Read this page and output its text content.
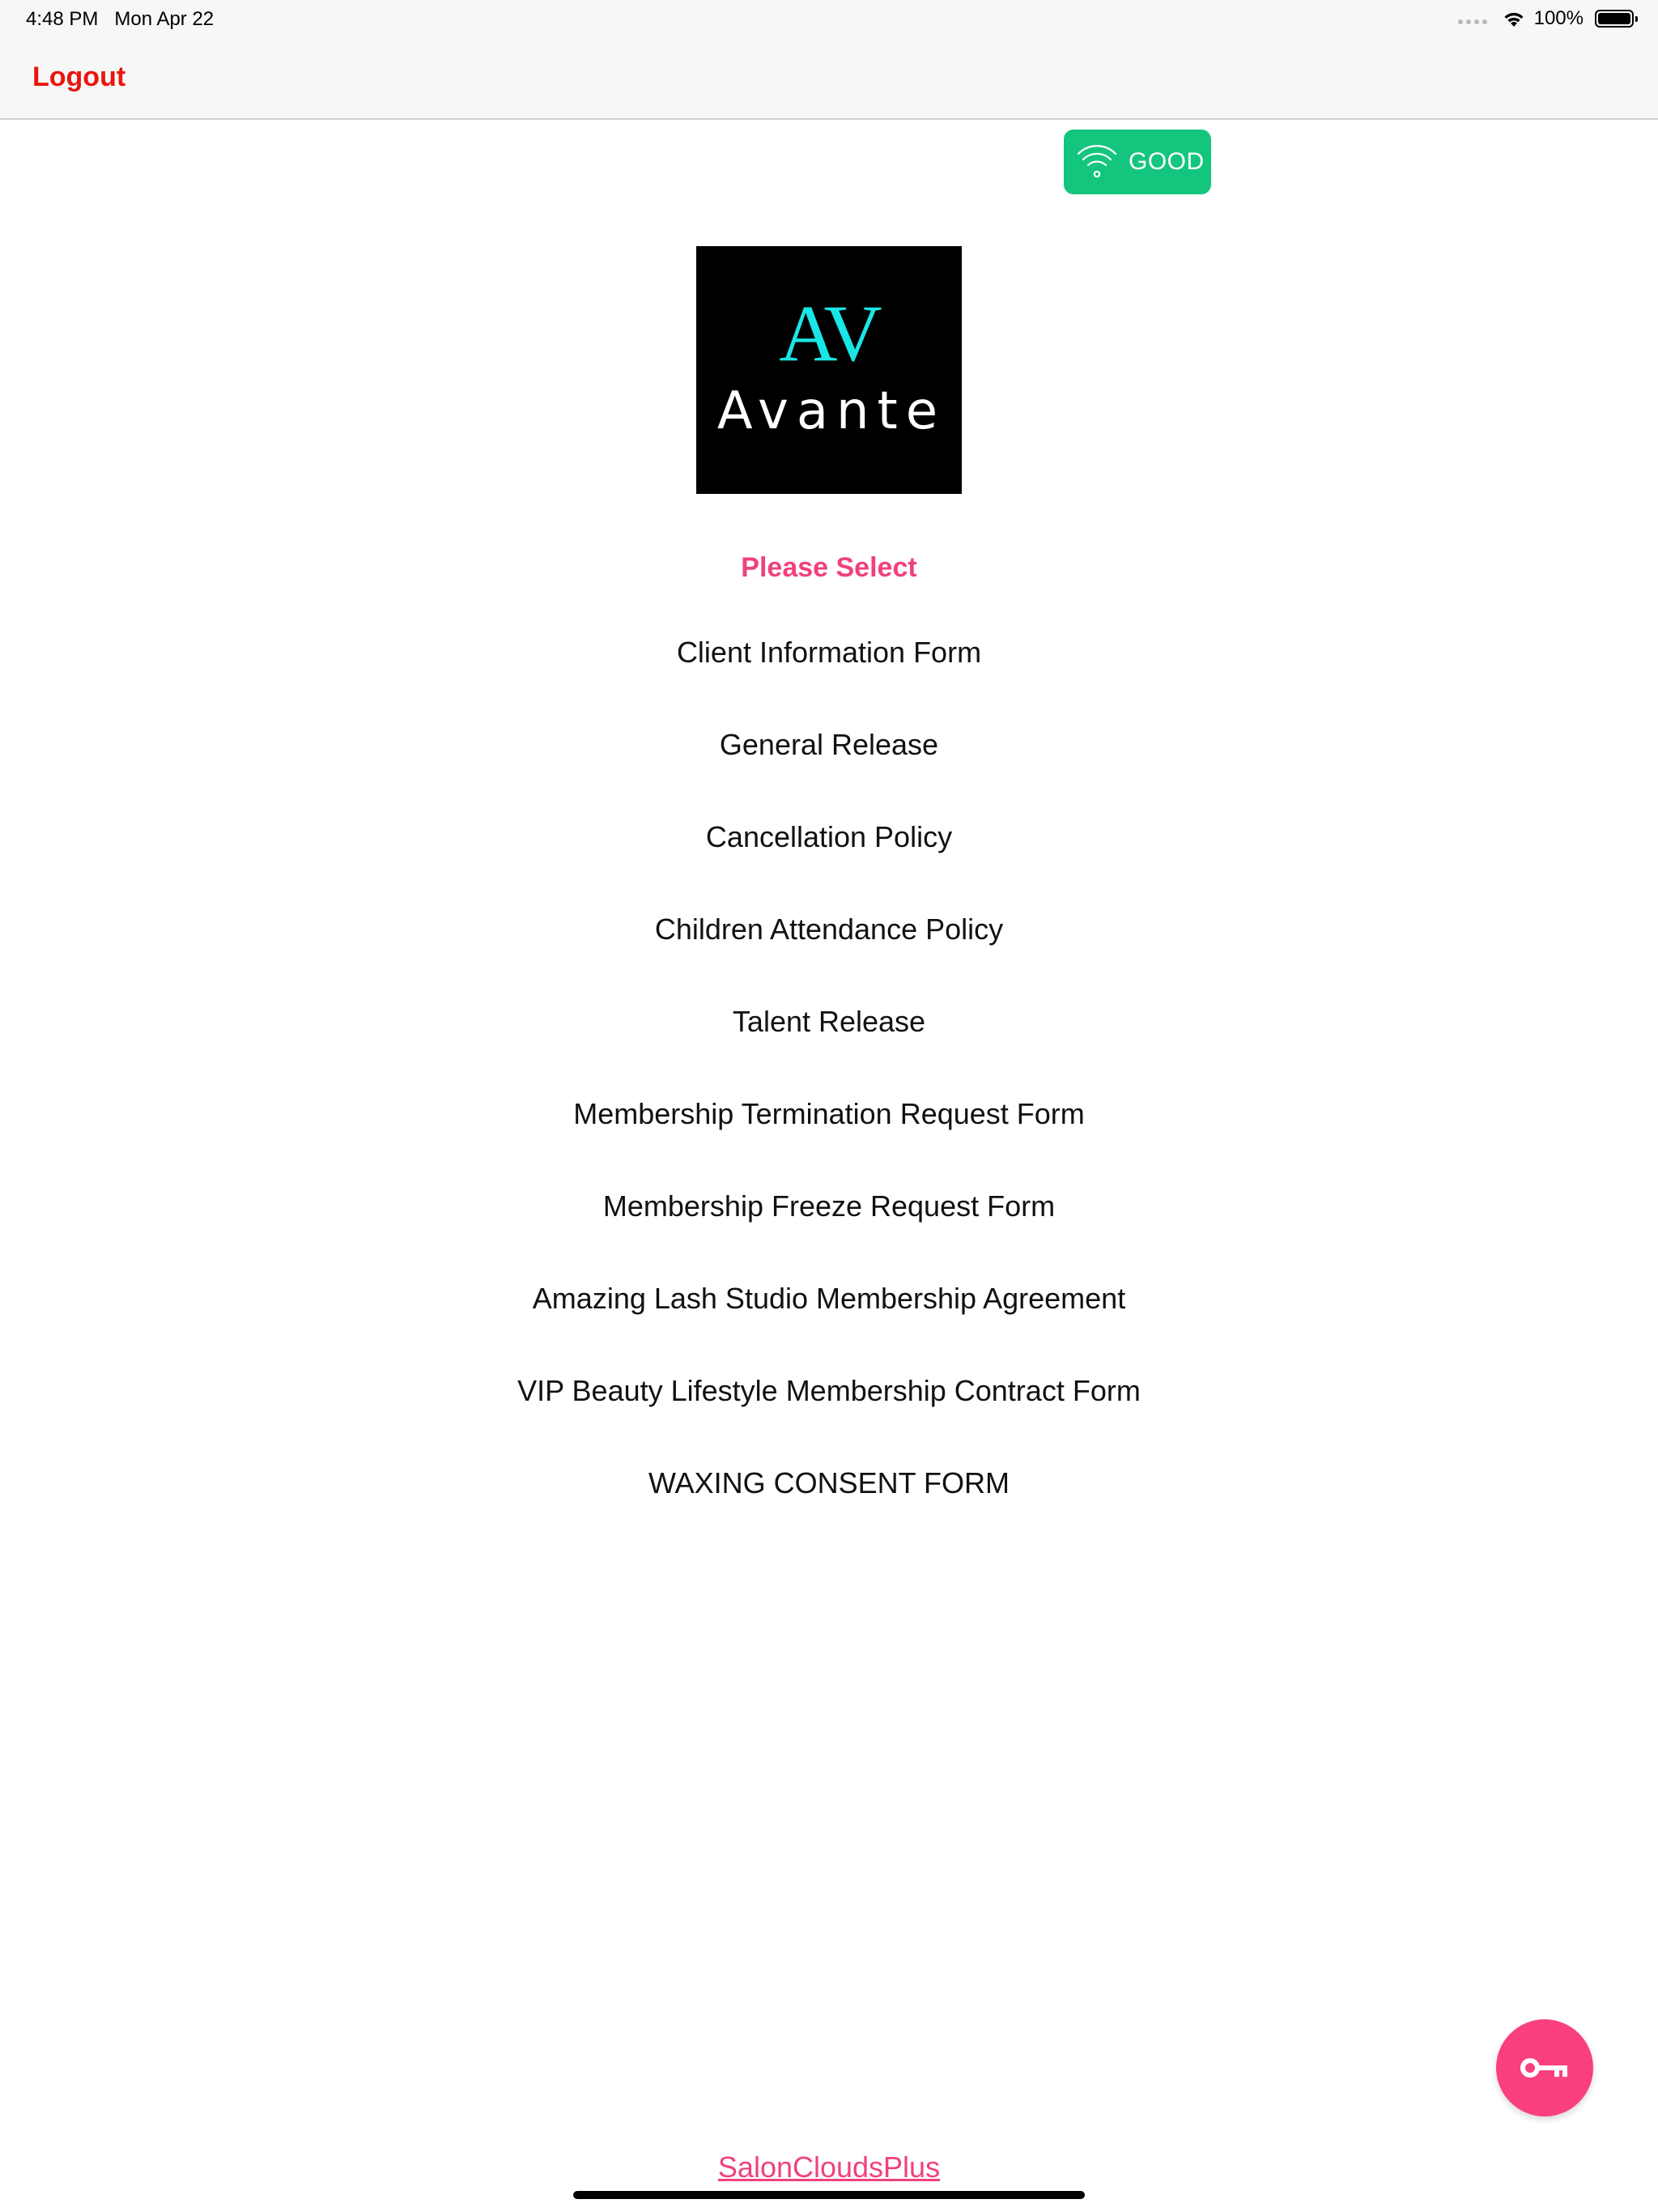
4:48 PM Mon Apr 22	100%
Logout
GOOD
AV
Avante
Please Select
Client Information Form
General Release
Cancellation Policy
Children Attendance Policy
Talent Release
Membership Termination Request Form
Membership Freeze Request Form
Amazing Lash Studio Membership Agreement
VIP Beauty Lifestyle Membership Contract Form
WAXING CONSENT FORM
SalonCloudsPlus
